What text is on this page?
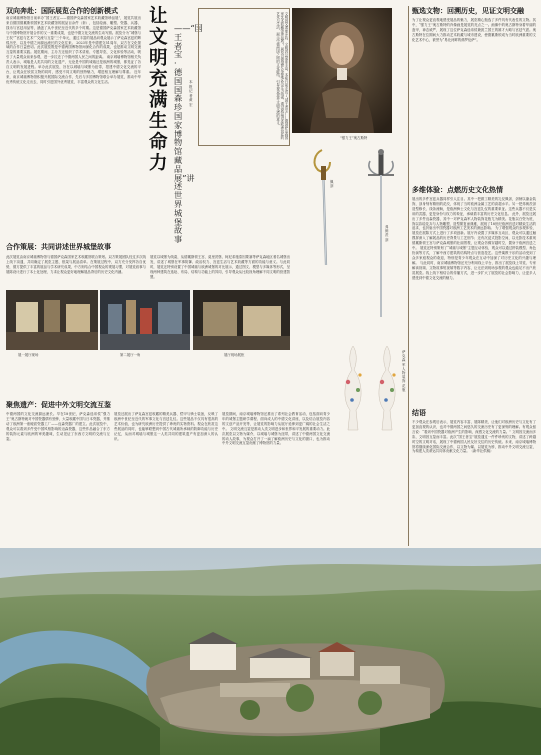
双向奔赴：国际展览合作的创新模式
南京城墙博物馆日前举办“国王者宝——德国萨克森国家艺术收藏馆珍品展”，展览共展出来自德国德累斯顿国家艺术收藏馆的展品百余件（套），包括绘画、雕塑、瓷器、兵器、钱币与宫廷用品等，涵盖了从中世纪至近代的多个时期。这是德国萨克森国家艺术收藏馆与中国博物馆开展合作的又一重要成果，也是中德文化交流的生动写照。展览分为“城堡与王权”“宫廷与艺术”“交流与互鉴”三个单元，通过丰富的展品向观众展示了萨克森宫廷的辉煌历史，以及中德之间源远流长的文化往来。 2023年是中德建交51周年，双方在文化领域的合作日益密切。此次展览既是中德两国博物馆间深化合作的成果，也是推动文明交流互鉴的重要实践。展览期间，主办方还组织了学术讲座、专题导览、文化体验等活动，吸引了大量观众前来参观，进一步拉近了中德两国人民之间的距离。 南京城墙博物馆相关负责人表示，城墙是人类共同的文化遗产，无论是中国的城墙还是欧洲的城堡，都见证了各自文明的发展进程。举办此次展览，旨在以城墙与城堡为纽带，搭建中德文化交流的平台，让观众在欣赏文物的同时，感受不同文明的独特魅力，增进相互理解与尊重。 近年来，南京城墙博物馆积极开展国际交流合作，先后与多国博物馆联合举办展览，推动中华优秀传统文化走出去，同时引进国外优秀展览，丰富观众的文化生活。
让文明充满生命力
——“国王者宝·德国国森珍国家博物馆藏品展”讲述世界城堡故事
本报记者 黄宏	文明因交流而多彩，文明因互鉴而丰富。本报日前走访了“国王者宝——德国萨克森国家艺术收藏馆珍品展”，展览以德国萨克森地区历史为线索，通过展品讲述欧洲宫廷的艺术与生活，展示中德两国之间的文化联结，引导观众思考文明交流的意义。
“强力王”奥古斯特
佩剑
弗朗茨剑
萨克森军 人物装饰花瓶
合作策展：共同讲述世界城堡故事
此次展览由南京城墙博物馆与德国萨克森国家艺术收藏馆联合策划。双方策展团队经过多次线上线下沟通，共同确定了展览主题、框架与展品清单。在策展过程中，双方充分发挥各自优势，德方提供了丰富的展品与学术研究成果，中方则结合中国观众的观展习惯，对展览叙事与展陈设计进行了本土化处理，力求让观众更好地理解展品背后的历史文化内涵。
展览以城堡为线索，从德累斯顿王宫、莫里茨堡、柯尼希施泰因要塞等萨克森地区著名城堡出发，讲述了城堡在军事防御、政治权力、宫廷生活与艺术收藏等方面的功能与意义。与此同时，展览还特别设置了中国城墙与欧洲城堡的对比展示，通过图文、模型与多媒体等形式，呈现两种建筑在选址、布局、结构与功能上的异同，引导观众从比较视角理解不同文明的营建智慧。
展一展厅现场	第二展厅一角	展厅现场展柜
聚焦遗产：促进中外文明交流互鉴
中德两国的文化交流源远流长。早在18世纪，萨克森选帝侯“强力王”奥古斯特就对中国瓷器情有独钟，大量收藏中国与日本瓷器，并推动了欧洲第一座硬质瓷器工厂——迈森瓷器厂的建立。此次展览中，观众可以看到多件受中国风格影响的迈森瓷器，这些作品融合了东方的装饰元素与欧洲的审美趣味，生动见证了东西方文明的交流与互鉴。
展览还展出了萨克森宫廷收藏的精美兵器、铠甲与骑士装备，反映了欧洲中世纪至近代的军事文化与宫廷礼仪。这些展品不仅具有很高的艺术价值，也为研究欧洲历史提供了珍贵的实物资料。观众在欣赏这些展品的同时，也能够联想到中国古代城墙所承载的防御功能与历史记忆，从而对城墙与城堡这一人类共同的建筑遗产有更加深入的认识。
展览期间，南京城墙博物馆还推出了系列社会教育活动，包括面向青少年的城堡主题研学课程、面向成人的中德文化讲座，以及结合展览内容的文创产品开发等，让展览的影响力从展厅延伸到更广阔的社会生活之中。 文明交流互鉴是推动人类文明进步和世界和平发展的重要动力。此次展览以文物为媒介，以城墙与城堡为纽带，讲述了中德两国文化交流的动人故事，为观众打开了一扇了解欧洲历史与文化的窗口，也为推动中外文明交流互鉴贡献了博物馆的力量。
甄选文物：回溯历史，见证文明交融
为了让观众更直观地感受展品的魅力，展览精心甄选了多件具有代表性的文物。其中，“强力王”奥古斯特的肖像画是展览的亮点之一。画像中的奥古斯特身着华丽的盔甲，神态威严，展现了这位萨克森选帝侯兼波兰国王的雄才大略与宫廷气派。奥古斯特在位期间大力推动艺术收藏与城市建设，使德累斯顿成为当时欧洲重要的文化艺术中心，被誉为“易北河畔的佛罗伦萨”。
多维体验：点燃历史文化热情
展出的多件宫廷兵器同样引人注目。其中一把做工精美的礼仪佩剑，剑柄以鎏金装饰，剑身刻有精细的花纹，体现了当时欧洲金属工艺的高超水平。另一把弗朗茨剑造型修长、线条流畅，是欧洲骑士文化与宫廷礼仪的重要象征。这些兵器不仅是实用的武器，更是身份与权力的象征，承载着丰富的历史文化信息。 此外，展览还展出了多件迈森瓷器，其中一对萨克森军人物装饰花瓶尤为精美。花瓶以白瓷为底，饰以彩绘花卉与人物雕塑，造型繁复而典雅，展现了18世纪欧洲宫廷对精致生活的追求，也折射出中国瓷器对欧洲工艺美术的深远影响。 为了增强观众的参观体验，展览在展陈方式上进行了多项创新。展厅内设置了多媒体互动区，观众可以通过触摸屏深入了解展品的历史背景与工艺细节；还有沉浸式投影空间，以光影技术重现德累斯顿王宫与萨克森城堡的壮丽景观，让观众仿佛穿越时空，置身于欧洲宫廷之中。 展览还特别策划了“城墙与城堡”主题互动体验，观众可以通过拼装模型、角色扮演等方式，了解中西方建筑的结构特点与营造技艺。这些寓教于乐的活动受到了众多家庭观众的欢迎，特别是青少年观众在互动中加深了对历史文化的兴趣与理解。 与此同时，南京城墙博物馆还充分利用线上平台，推出了展览线上导览、专家解读视频、文物故事短视频等数字内容，让无法到现场参观的观众也能足不出户欣赏展览。线上线下相结合的传播方式，进一步扩大了展览的社会影响力，让更多人感受到中德文化交流的魅力。
结语
不少观众在参观后表示，展览内容丰富、展陈精美，让他们对欧洲历史与文化有了更加直观的认识，也对中德两国之间悠久的交流历史有了更深刻的理解。有观众留言说：“看到中国瓷器对欧洲产生的影响，深感文化交流的力量。” 文明因交流而多彩，文明因互鉴而丰富。此次“国王者宝”展览通过一件件珍贵的文物，讲述了跨越时空的文明对话，展现了中德两国人民友好交往的历史传统。未来，南京城墙博物馆将继续深化国际交流合作，以文物为媒、以展览为桥，推动中外文明交流互鉴，为构建人类命运共同体贡献文化力量。（新华社供稿）
